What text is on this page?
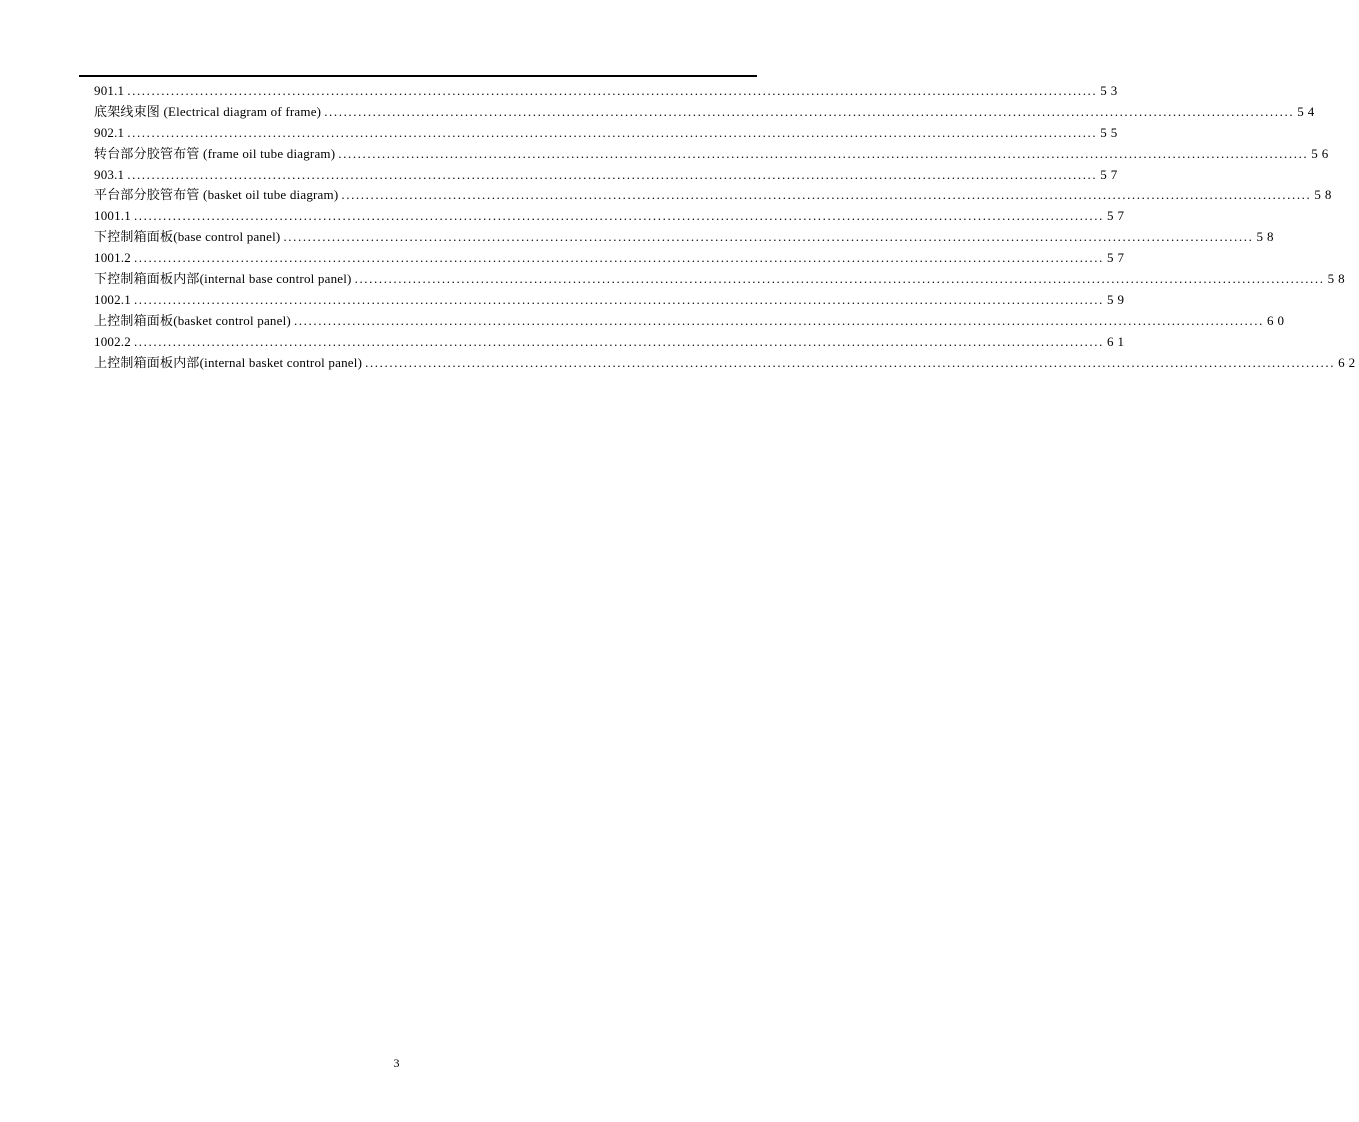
901.1 ........................................................................................................................................................................................................ 53
底架线束图 (Electrical diagram of frame) ........................................................................................................................................................................................................ 54
902.1 ........................................................................................................................................................................................................ 55
转台部分胶管布管 (frame oil tube diagram) ........................................................................................................................................................................................................ 56
903.1 ........................................................................................................................................................................................................ 57
平台部分胶管布管 (basket oil tube diagram) ........................................................................................................................................................................................................ 58
1001.1 ........................................................................................................................................................................................................ 57
下控制箱面板(base control panel) ........................................................................................................................................................................................................ 58
1001.2 ........................................................................................................................................................................................................ 57
下控制箱面板内部(internal base control panel) ........................................................................................................................................................................................................ 58
1002.1 ........................................................................................................................................................................................................ 59
上控制箱面板(basket control panel) ........................................................................................................................................................................................................ 60
1002.2 ........................................................................................................................................................................................................ 61
上控制箱面板内部(internal basket control panel) ........................................................................................................................................................................................................ 62
3
